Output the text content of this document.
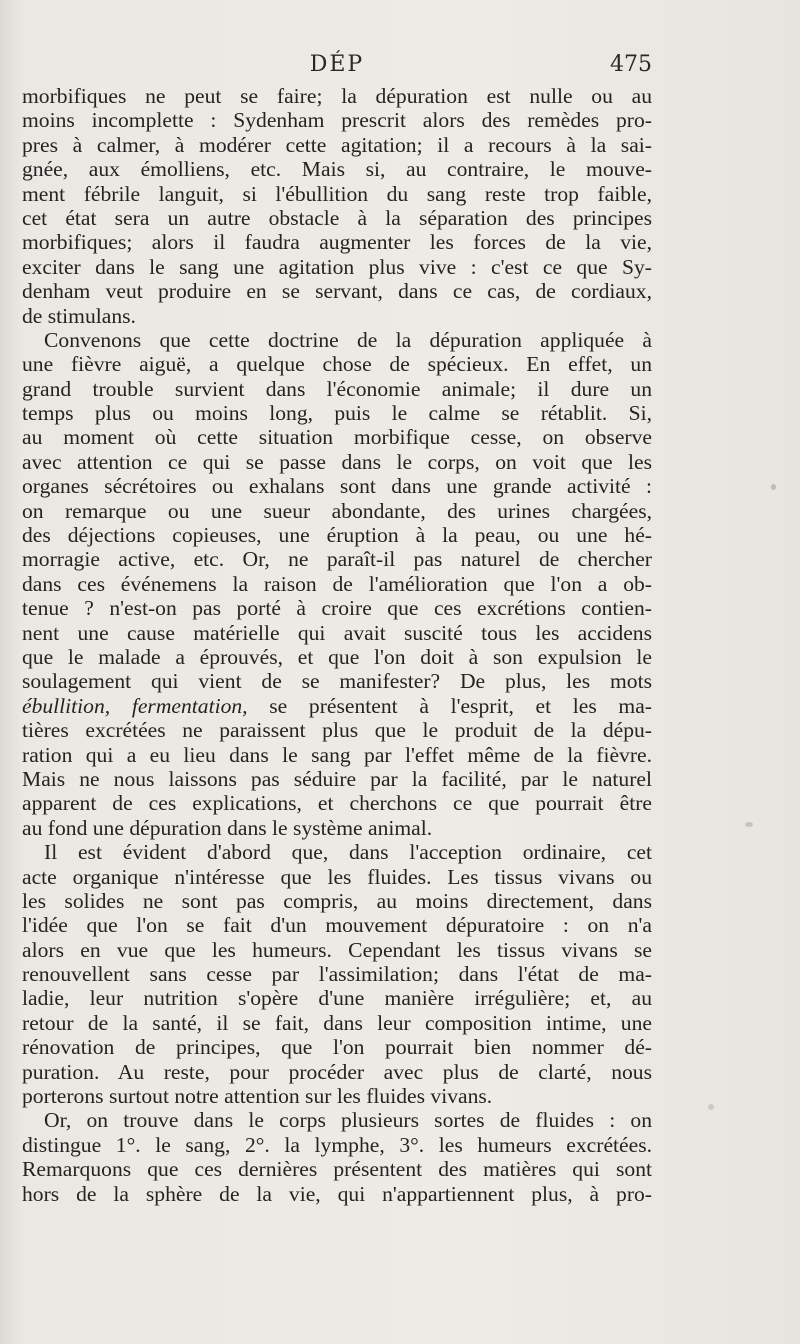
DÉP	475
morbifiques ne peut se faire; la dépuration est nulle ou au
moins incomplette : Sydenham prescrit alors des remèdes pro-
pres à calmer, à modérer cette agitation; il a recours à la sai-
gnée, aux émolliens, etc. Mais si, au contraire, le mouve-
ment fébrile languit, si l'ébullition du sang reste trop faible,
cet état sera un autre obstacle à la séparation des principes
morbifiques; alors il faudra augmenter les forces de la vie,
exciter dans le sang une agitation plus vive : c'est ce que Sy-
denham veut produire en se servant, dans ce cas, de cordiaux,
de stimulans.
Convenons que cette doctrine de la dépuration appliquée à
une fièvre aiguë, a quelque chose de spécieux. En effet, un
grand trouble survient dans l'économie animale; il dure un
temps plus ou moins long, puis le calme se rétablit. Si,
au moment où cette situation morbifique cesse, on observe
avec attention ce qui se passe dans le corps, on voit que les
organes sécrétoires ou exhalans sont dans une grande activité :
on remarque ou une sueur abondante, des urines chargées,
des déjections copieuses, une éruption à la peau, ou une hé-
morragie active, etc. Or, ne paraît-il pas naturel de chercher
dans ces événemens la raison de l'amélioration que l'on a ob-
tenue ? n'est-on pas porté à croire que ces excrétions contien-
nent une cause matérielle qui avait suscité tous les accidens
que le malade a éprouvés, et que l'on doit à son expulsion le
soulagement qui vient de se manifester? De plus, les mots
ébullition, fermentation, se présentent à l'esprit, et les ma-
tières excrétées ne paraissent plus que le produit de la dépu-
ration qui a eu lieu dans le sang par l'effet même de la fièvre.
Mais ne nous laissons pas séduire par la facilité, par le naturel
apparent de ces explications, et cherchons ce que pourrait être
au fond une dépuration dans le système animal.
Il est évident d'abord que, dans l'acception ordinaire, cet
acte organique n'intéresse que les fluides. Les tissus vivans ou
les solides ne sont pas compris, au moins directement, dans
l'idée que l'on se fait d'un mouvement dépuratoire : on n'a
alors en vue que les humeurs. Cependant les tissus vivans se
renouvellent sans cesse par l'assimilation; dans l'état de ma-
ladie, leur nutrition s'opère d'une manière irrégulière; et, au
retour de la santé, il se fait, dans leur composition intime, une
rénovation de principes, que l'on pourrait bien nommer dé-
puration. Au reste, pour procéder avec plus de clarté, nous
porterons surtout notre attention sur les fluides vivans.
Or, on trouve dans le corps plusieurs sortes de fluides : on
distingue 1°. le sang, 2°. la lymphe, 3°. les humeurs excrétées.
Remarquons que ces dernières présentent des matières qui sont
hors de la sphère de la vie, qui n'appartiennent plus, à pro-
